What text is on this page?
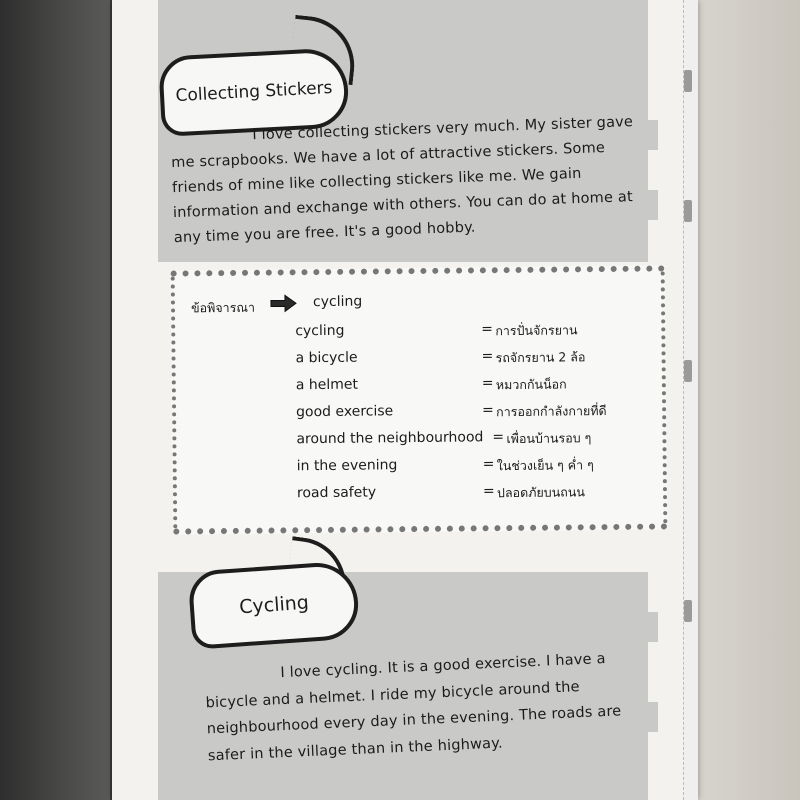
Collecting Stickers
I love collecting stickers very much. My sister gave me scrapbooks. We have a lot of attractive stickers. Some friends of mine like collecting stickers like me. We gain information and exchange with others. You can do at home at any time you are free. It's a good hobby.
ข้อพิจารณา	cycling
cycling	= การปั่นจักรยาน
a bicycle	= รถจักรยาน 2 ล้อ
a helmet	= หมวกกันน็อก
good exercise	= การออกกำลังกายที่ดี
around the neighbourhood = เพื่อนบ้านรอบ ๆ
in the evening	= ในช่วงเย็น ๆ ค่ำ ๆ
road safety	= ปลอดภัยบนถนน
Cycling
I love cycling. It is a good exercise. I have a bicycle and a helmet. I ride my bicycle around the neighbourhood every day in the evening. The roads are safer in the village than in the highway.
